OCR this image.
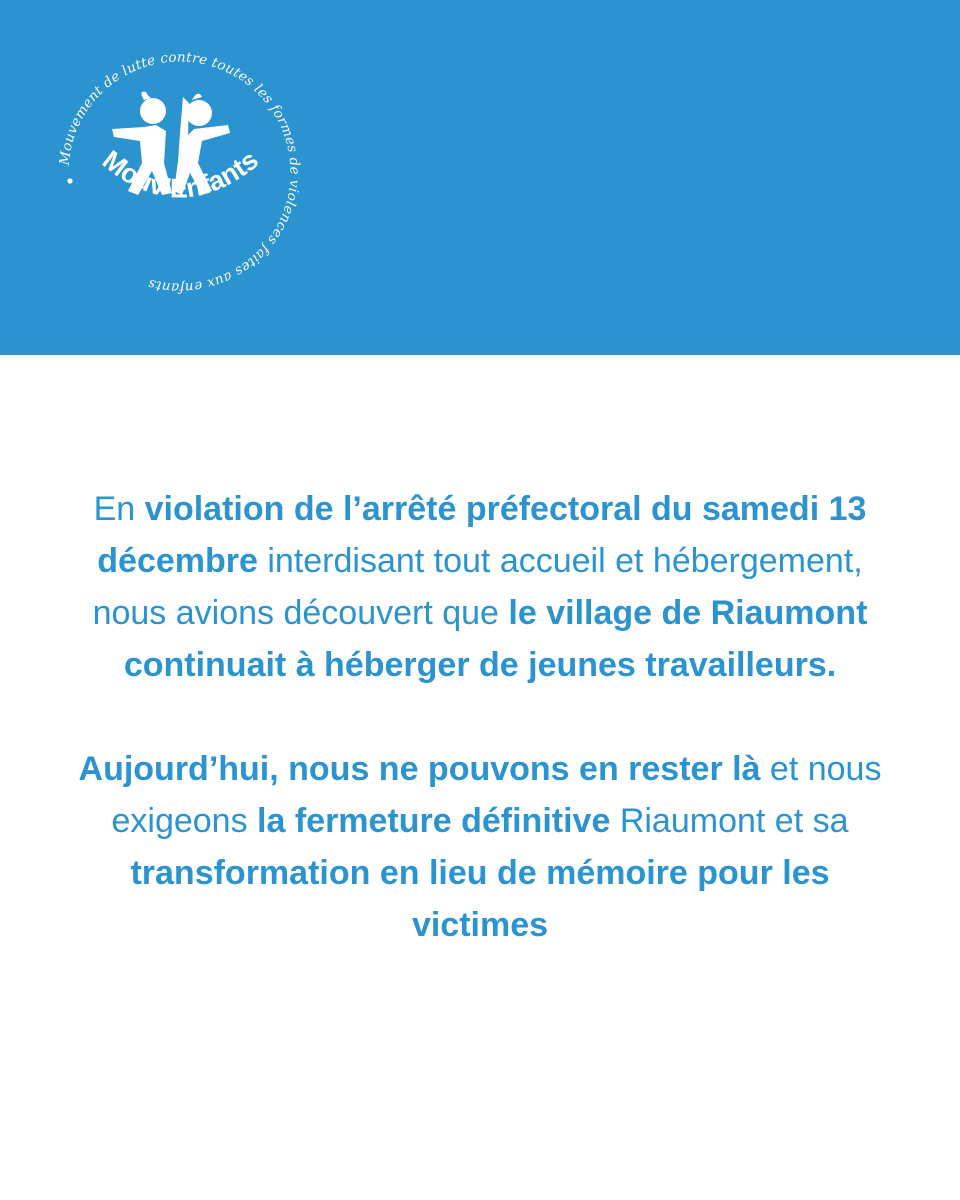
Mouvement de lutte contre toutes les formes de violences faites aux enfants
Mouv’Enfants

En violation de l’arrêté préfectoral du samedi 13 décembre interdisant tout accueil et hébergement, nous avions découvert que le village de Riaumont continuait à héberger de jeunes travailleurs.

Aujourd’hui, nous ne pouvons en rester là et nous exigeons la fermeture définitive Riaumont et sa transformation en lieu de mémoire pour les victimes
